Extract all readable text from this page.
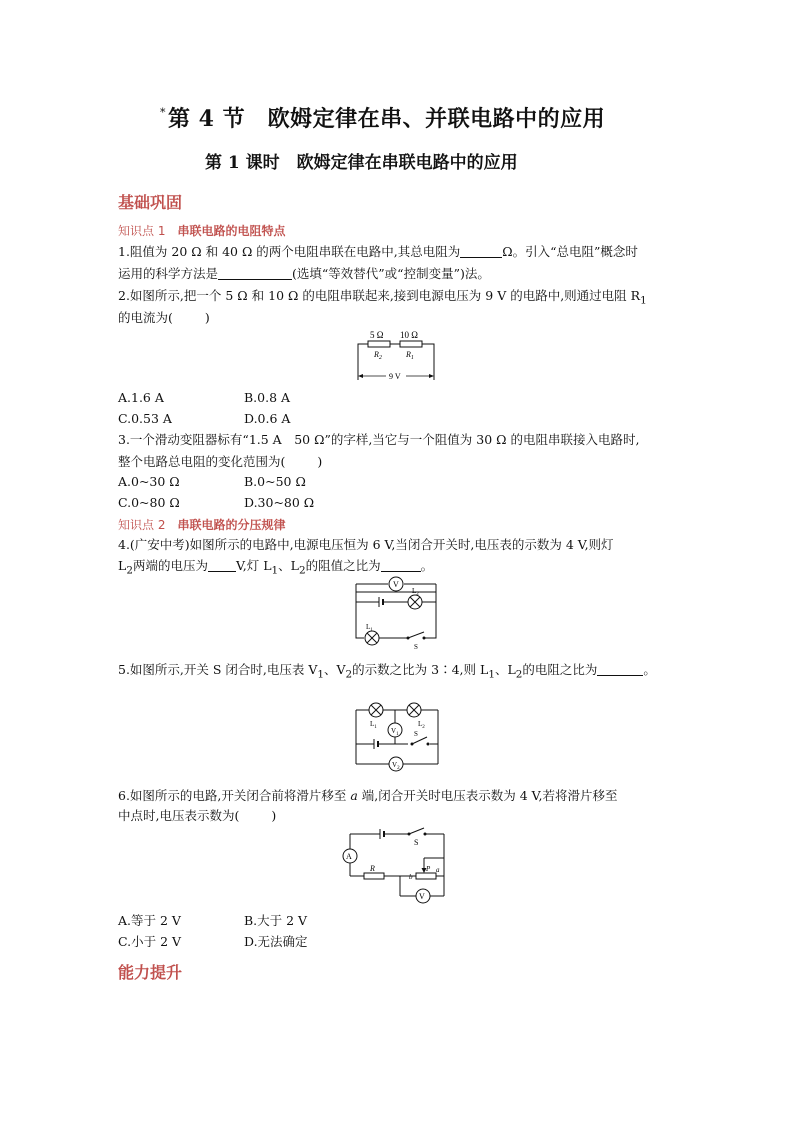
*第 4 节　欧姆定律在串、并联电路中的应用
第 1 课时　欧姆定律在串联电路中的应用
基础巩固
知识点 1 串联电路的电阻特点
1.阻值为 20 Ω 和 40 Ω 的两个电阻串联在电路中,其总电阻为	Ω。引入“总电阻”概念时
运用的科学方法是	(选填“等效替代”或“控制变量”)法。
2.如图所示,把一个 5 Ω 和 10 Ω 的电阻串联起来,接到电源电压为 9 V 的电路中,则通过电阻 $R_1$
的电流为(	)
5 Ω 10 Ω
$R_2$	$R_1$
9 V
A.1.6 A	B.0.8 A
C.0.53 A	D.0.6 A
3.一个滑动变阻器标有“1.5 A　50 Ω”的字样,当它与一个阻值为 30 Ω 的电阻串联接入电路时,
整个电路总电阻的变化范围为(	)
A.0~30 Ω	B.0~50 Ω
C.0~80 Ω	D.30~80 Ω
知识点 2 串联电路的分压规律
4.(广安中考)如图所示的电路中,电源电压恒为 6 V,当闭合开关时,电压表的示数为 4 V,则灯
$L_2$两端的电压为 V,灯 $L_1$、$L_2$的阻值之比为	。
V
$L_2$
$L_1$
S
5.如图所示,开关 S 闭合时,电压表 $V_1$、$V_2$的示数之比为 3∶4,则 $L_1$、$L_2$的电阻之比为	。
$L_1$	$L_2$
$V_1$ S
$V_2$
6.如图所示的电路,开关闭合前将滑片移至 a 端,闭合开关时电压表示数为 4 V,若将滑片移至
中点时,电压表示数为(	)
A
S
R
b
a
P
V
A.等于 2 V	B.大于 2 V
C.小于 2 V	D.无法确定
能力提升
